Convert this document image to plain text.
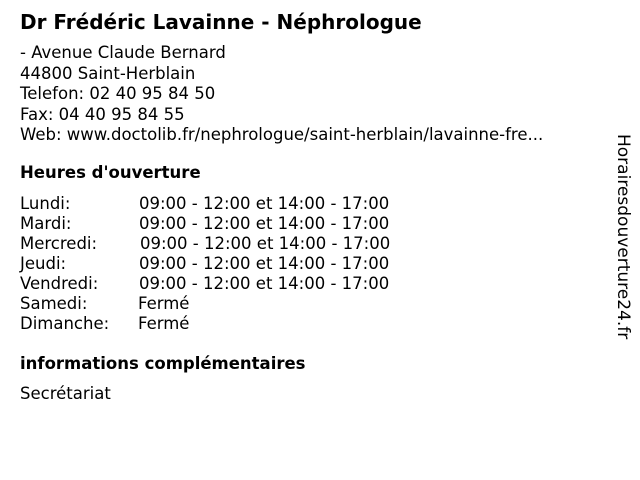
Dr Frédéric Lavainne - Néphrologue
- Avenue Claude Bernard
44800 Saint-Herblain
Telefon: 02 40 95 84 50
Fax: 04 40 95 84 55
Web: www.doctolib.fr/nephrologue/saint-herblain/lavainne-fre...
Heures d'ouverture
Lundi:	09:00 - 12:00 et 14:00 - 17:00
Mardi:	09:00 - 12:00 et 14:00 - 17:00
Mercredi:	09:00 - 12:00 et 14:00 - 17:00
Jeudi:	09:00 - 12:00 et 14:00 - 17:00
Vendredi: 09:00 - 12:00 et 14:00 - 17:00
Samedi:	Fermé
Dimanche: Fermé
informations complémentaires
Secrétariat
Horairesdouverture24.fr
